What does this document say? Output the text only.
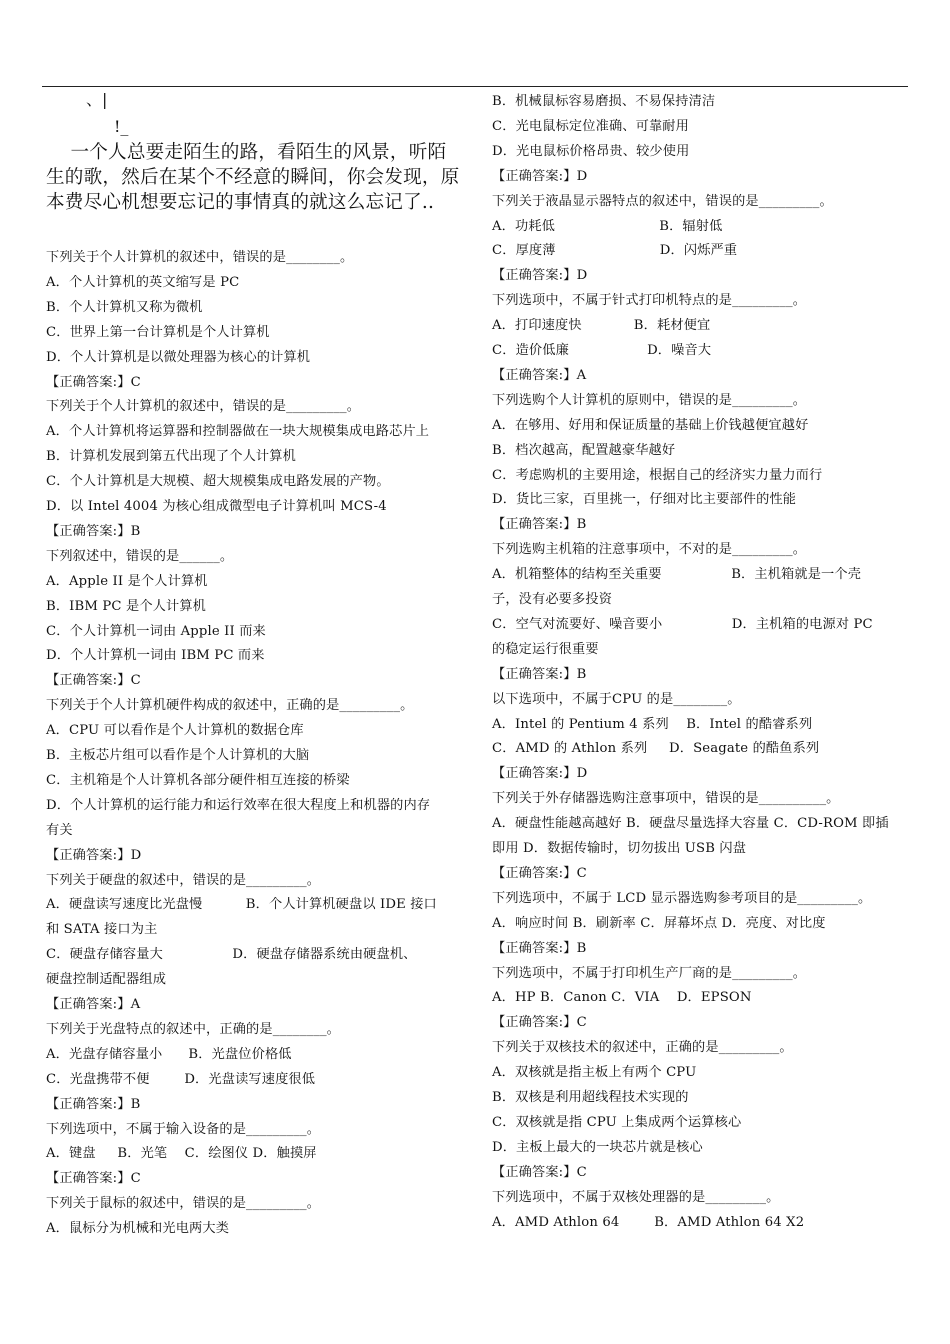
、|
!_
一个人总要走陌生的路，看陌生的风景，听陌
生的歌，然后在某个不经意的瞬间，你会发现，原
本费尽心机想要忘记的事情真的就这么忘记了..
下列关于个人计算机的叙述中，错误的是________。
A．个人计算机的英文缩写是 PC
B．个人计算机又称为微机
C．世界上第一台计算机是个人计算机
D．个人计算机是以微处理器为核心的计算机
【正确答案:】C
下列关于个人计算机的叙述中，错误的是_________。
A．个人计算机将运算器和控制器做在一块大规模集成电路芯片上
B．计算机发展到第五代出现了个人计算机
C．个人计算机是大规模、超大规模集成电路发展的产物。
D．以 Intel 4004 为核心组成微型电子计算机叫 MCS-4
【正确答案:】B
下列叙述中，错误的是______。
A．Apple II 是个人计算机
B．IBM PC 是个人计算机
C．个人计算机一词由 Apple II 而来
D．个人计算机一词由 IBM PC 而来
【正确答案:】C
下列关于个人计算机硬件构成的叙述中，正确的是_________。
A．CPU 可以看作是个人计算机的数据仓库
B．主板芯片组可以看作是个人计算机的大脑
C．主机箱是个人计算机各部分硬件相互连接的桥梁
D．个人计算机的运行能力和运行效率在很大程度上和机器的内存
有关
【正确答案:】D
下列关于硬盘的叙述中，错误的是_________。
A．硬盘读写速度比光盘慢          B．个人计算机硬盘以 IDE 接口
和 SATA 接口为主
C．硬盘存储容量大                D．硬盘存储器系统由硬盘机、
硬盘控制适配器组成
【正确答案:】A
下列关于光盘特点的叙述中，正确的是________。
A．光盘存储容量小      B．光盘位价格低
C．光盘携带不便        D．光盘读写速度很低
【正确答案:】B
下列选项中，不属于输入设备的是_________。
A．键盘     B．光笔    C．绘图仪 D．触摸屏
【正确答案:】C
下列关于鼠标的叙述中，错误的是_________。
A．鼠标分为机械和光电两大类
B．机械鼠标容易磨损、不易保持清洁
C．光电鼠标定位准确、可靠耐用
D．光电鼠标价格昂贵、较少使用
【正确答案:】D
下列关于液晶显示器特点的叙述中，错误的是_________。
A．功耗低                        B．辐射低
C．厚度薄                        D．闪烁严重
【正确答案:】D
下列选项中，不属于针式打印机特点的是_________。
A．打印速度快            B．耗材便宜
C．造价低廉                  D．噪音大
【正确答案:】A
下列选购个人计算机的原则中，错误的是_________。
A．在够用、好用和保证质量的基础上价钱越便宜越好
B．档次越高，配置越豪华越好
C．考虑购机的主要用途，根据自己的经济实力量力而行
D．货比三家，百里挑一，仔细对比主要部件的性能
【正确答案:】B
下列选购主机箱的注意事项中，不对的是_________。
A．机箱整体的结构至关重要                B．主机箱就是一个壳
子，没有必要多投资
C．空气对流要好、噪音要小                D．主机箱的电源对 PC
的稳定运行很重要
【正确答案:】B
以下选项中，不属于CPU 的是________。
A．Intel 的 Pentium 4 系列    B．Intel 的酷睿系列
C．AMD 的 Athlon 系列     D．Seagate 的酷鱼系列
【正确答案:】D
下列关于外存储器选购注意事项中，错误的是__________。
A．硬盘性能越高越好 B．硬盘尽量选择大容量 C．CD-ROM 即插
即用 D．数据传输时，切勿拔出 USB 闪盘
【正确答案:】C
下列选项中，不属于 LCD 显示器选购参考项目的是_________。
A．响应时间 B．刷新率 C．屏幕坏点 D．亮度、对比度
【正确答案:】B
下列选项中，不属于打印机生产厂商的是_________。
A．HP B．Canon C．VIA    D．EPSON
【正确答案:】C
下列关于双核技术的叙述中，正确的是_________。
A．双核就是指主板上有两个 CPU
B．双核是利用超线程技术实现的
C．双核就是指 CPU 上集成两个运算核心
D．主板上最大的一块芯片就是核心
【正确答案:】C
下列选项中，不属于双核处理器的是_________。
A．AMD Athlon 64        B．AMD Athlon 64 X2
